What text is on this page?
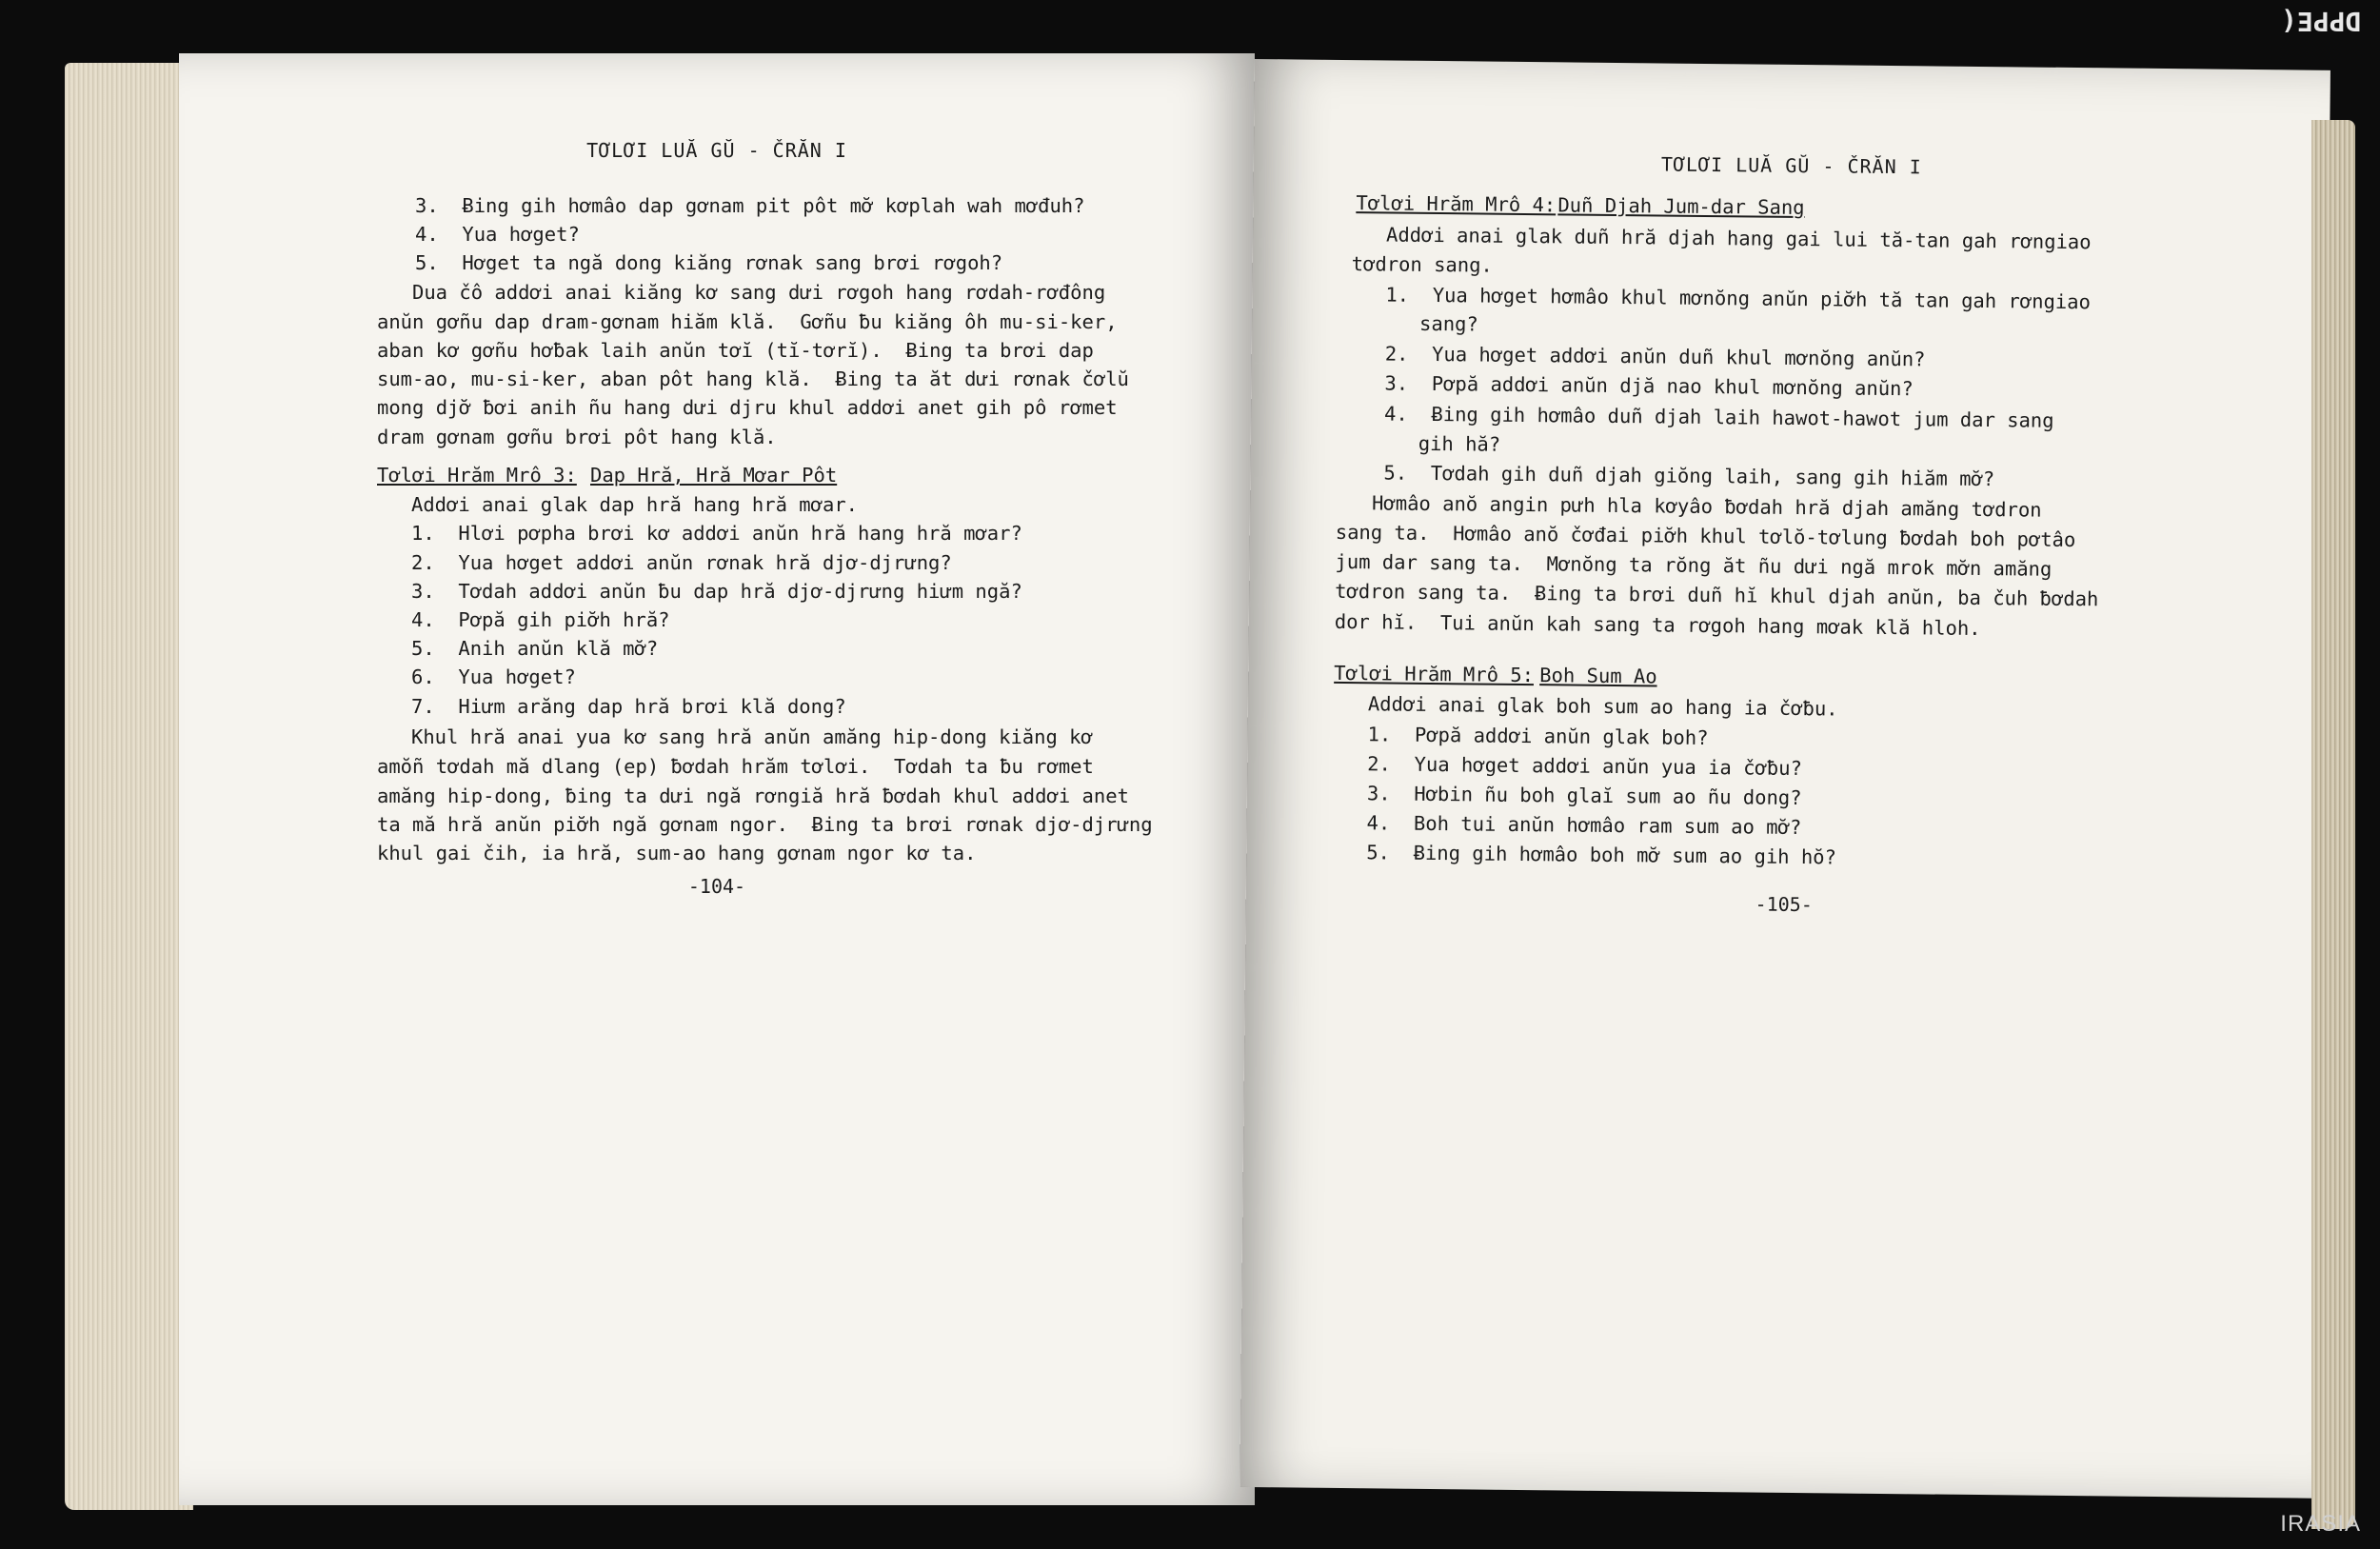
DPPE(
TƠLƠI LUĂ GŬ - ČRĂN I
3.  Ƀing gih hơmâo dap gơnam pit pôt mơ̆ kơplah wah mơđuh?
4.  Yua hơget?
5.  Hơget ta ngă dong kiăng rơnak sang brơi rơgoh?
Dua čô addơi anai kiăng kơ sang dưi rơgoh hang rơdah-rơđông
anŭn gơñu dap dram-gơnam hiăm klă.  Gơñu ƀu kiăng ôh mu-si-ker,
aban kơ gơñu hơƀak laih anŭn tơĭ (tĭ-tơrĭ).  Ƀing ta brơi dap
sum-ao, mu-si-ker, aban pôt hang klă.  Ƀing ta ăt dưi rơnak čơlŭ
mong djơ̆ ƀơi anih ñu hang dưi djru khul addơi anet gih pô rơmet
dram gơnam gơñu brơi pôt hang klă.
Tơlơi Hrăm Mrô 3: Dap Hră, Hră Mơar Pôt
Addơi anai glak dap hră hang hră mơar.
1.  Hlơi pơpha brơi kơ addơi anŭn hră hang hră mơar?
2.  Yua hơget addơi anŭn rơnak hră djơ-djrưng?
3.  Tơdah addơi anŭn ƀu dap hră djơ-djrưng hiưm ngă?
4.  Pơpă gih piơ̆h hră?
5.  Anih anŭn klă mơ̆?
6.  Yua hơget?
7.  Hiưm arăng dap hră brơi klă dong?
Khul hră anai yua kơ sang hră anŭn amăng hip-dong kiăng kơ
amŏñ tơdah mă dlang (ep) ƀơdah hrăm tơlơi.  Tơdah ta ƀu rơmet
amăng hip-dong, ƀing ta dưi ngă rơngiă hră ƀơdah khul addơi anet
ta mă hră anŭn piơ̆h ngă gơnam ngor.  Ƀing ta brơi rơnak djơ-djrưng
khul gai čih, ia hră, sum-ao hang gơnam ngor kơ ta.
-104-
TƠLƠI LUĂ GŬ - ČRĂN I
Tơlơi Hrăm Mrô 4: Duñ Djah Jum-dar Sang
Addơi anai glak duñ hră djah hang gai lui tă-tan gah rơngiao
tơdron sang.
1.  Yua hơget hơmâo khul mơnŏng anŭn piơ̆h tă tan gah rơngiao
sang?
2.  Yua hơget addơi anŭn duñ khul mơnŏng anŭn?
3.  Pơpă addơi anŭn djă nao khul mơnŏng anŭn?
4.  Ƀing gih hơmâo duñ djah laih hawot-hawot jum dar sang
gih hă?
5.  Tơdah gih duñ djah giŏng laih, sang gih hiăm mơ̆?
Hơmâo anŏ angin pưh hla kơyâo ƀơdah hră djah amăng tơdron
sang ta.  Hơmâo anŏ čơđai piơ̆h khul tơlŏ-tơlung ƀơdah boh pơtâo
jum dar sang ta.  Mơnŏng ta rŏng ăt ñu dưi ngă mrok mơ̆n amăng
tơdron sang ta.  Ƀing ta brơi duñ hĭ khul djah anŭn, ba čuh ƀơdah
dor hĭ.  Tui anŭn kah sang ta rơgoh hang mơak klă hloh.
Tơlơi Hrăm Mrô 5: Boh Sum Ao
Addơi anai glak boh sum ao hang ia čơƀu.
1.  Pơpă addơi anŭn glak boh?
2.  Yua hơget addơi anŭn yua ia čơƀu?
3.  Hơbin ñu boh glaĭ sum ao ñu dong?
4.  Boh tui anŭn hơmâo ram sum ao mơ̆?
5.  Ƀing gih hơmâo boh mơ̆ sum ao gih hŏ?
-105-
IRASIA
